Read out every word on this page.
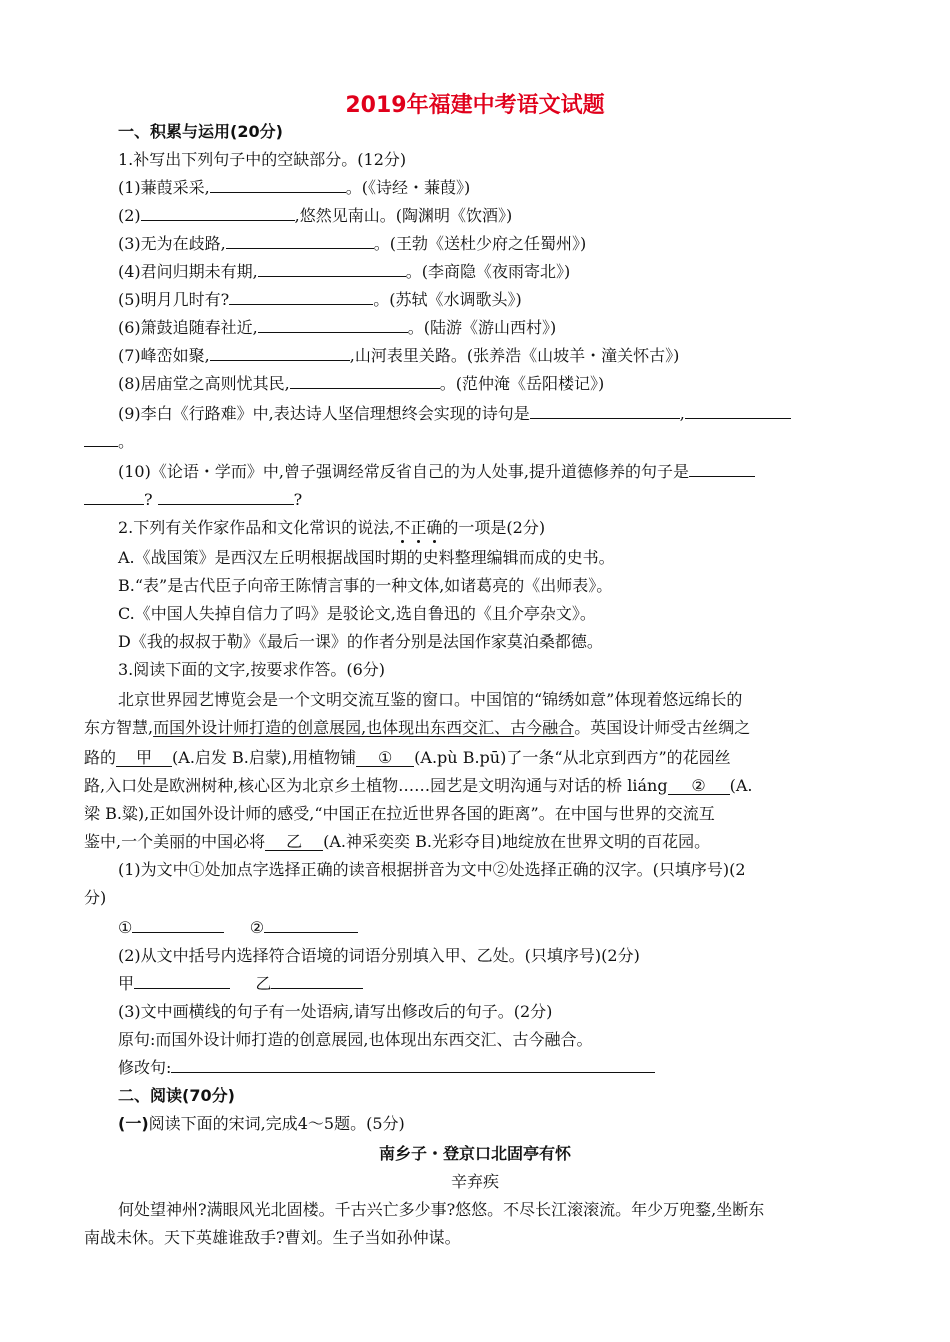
2019年福建中考语文试题
一、积累与运用(20分)
1.补写出下列句子中的空缺部分。(12分)
(1)蒹葭采采,	。(《诗经・蒹葭》)
(2)	,悠然见南山。(陶渊明《饮酒》)
(3)无为在歧路,	。(王勃《送杜少府之任蜀州》)
(4)君问归期未有期,	。(李商隐《夜雨寄北》)
(5)明月几时有?	。(苏轼《水调歌头》)
(6)箫鼓追随春社近,	。(陆游《游山西村》)
(7)峰峦如聚,	,山河表里关路。(张养浩《山坡羊・潼关怀古》)
(8)居庙堂之高则忧其民,	。(范仲淹《岳阳楼记》)
(9)李白《行路难》中,表达诗人坚信理想终会实现的诗句是	,
。
(10)《论语・学而》中,曾子强调经常反省自己的为人处事,提升道德修养的句子是
?	?
2.下列有关作家作品和文化常识的说法,不正确的一项是(2分)
A.《战国策》是西汉左丘明根据战国时期的史料整理编辑而成的史书。
B.“表”是古代臣子向帝王陈情言事的一种文体,如诸葛亮的《出师表》。
C.《中国人失掉自信力了吗》是驳论文,选自鲁迅的《且介亭杂文》。
D《我的叔叔于勒》《最后一课》的作者分别是法国作家莫泊桑都德。
3.阅读下面的文字,按要求作答。(6分)
北京世界园艺博览会是一个文明交流互鉴的窗口。中国馆的“锦绣如意”体现着悠远绵长的
东方智慧,而国外设计师打造的创意展园,也体现出东西交汇、古今融合。英国设计师受古丝绸之
路的 甲 (A.启发 B.启蒙),用植物铺 ① (A.pù B.pū)了一条“从北京到西方”的花园丝
路,入口处是欧洲树种,核心区为北京乡土植物……园艺是文明沟通与对话的桥 liáng ② (A.
梁 B.粱),正如国外设计师的感受,“中国正在拉近世界各国的距离”。在中国与世界的交流互
鉴中,一个美丽的中国必将 乙 (A.神采奕奕 B.光彩夺目)地绽放在世界文明的百花园。
(1)为文中①处加点字选择正确的读音根据拼音为文中②处选择正确的汉字。(只填序号)(2
分)
①	②
(2)从文中括号内选择符合语境的词语分别填入甲、乙处。(只填序号)(2分)
甲	乙
(3)文中画横线的句子有一处语病,请写出修改后的句子。(2分)
原句:而国外设计师打造的创意展园,也体现出东西交汇、古今融合。
修改句:
二、阅读(70分)
(一)阅读下面的宋词,完成4～5题。(5分)
南乡子・登京口北固亭有怀
辛弃疾
何处望神州?满眼风光北固楼。千古兴亡多少事?悠悠。不尽长江滚滚流。年少万兜鍪,坐断东
南战未休。天下英雄谁敌手?曹刘。生子当如孙仲谋。
